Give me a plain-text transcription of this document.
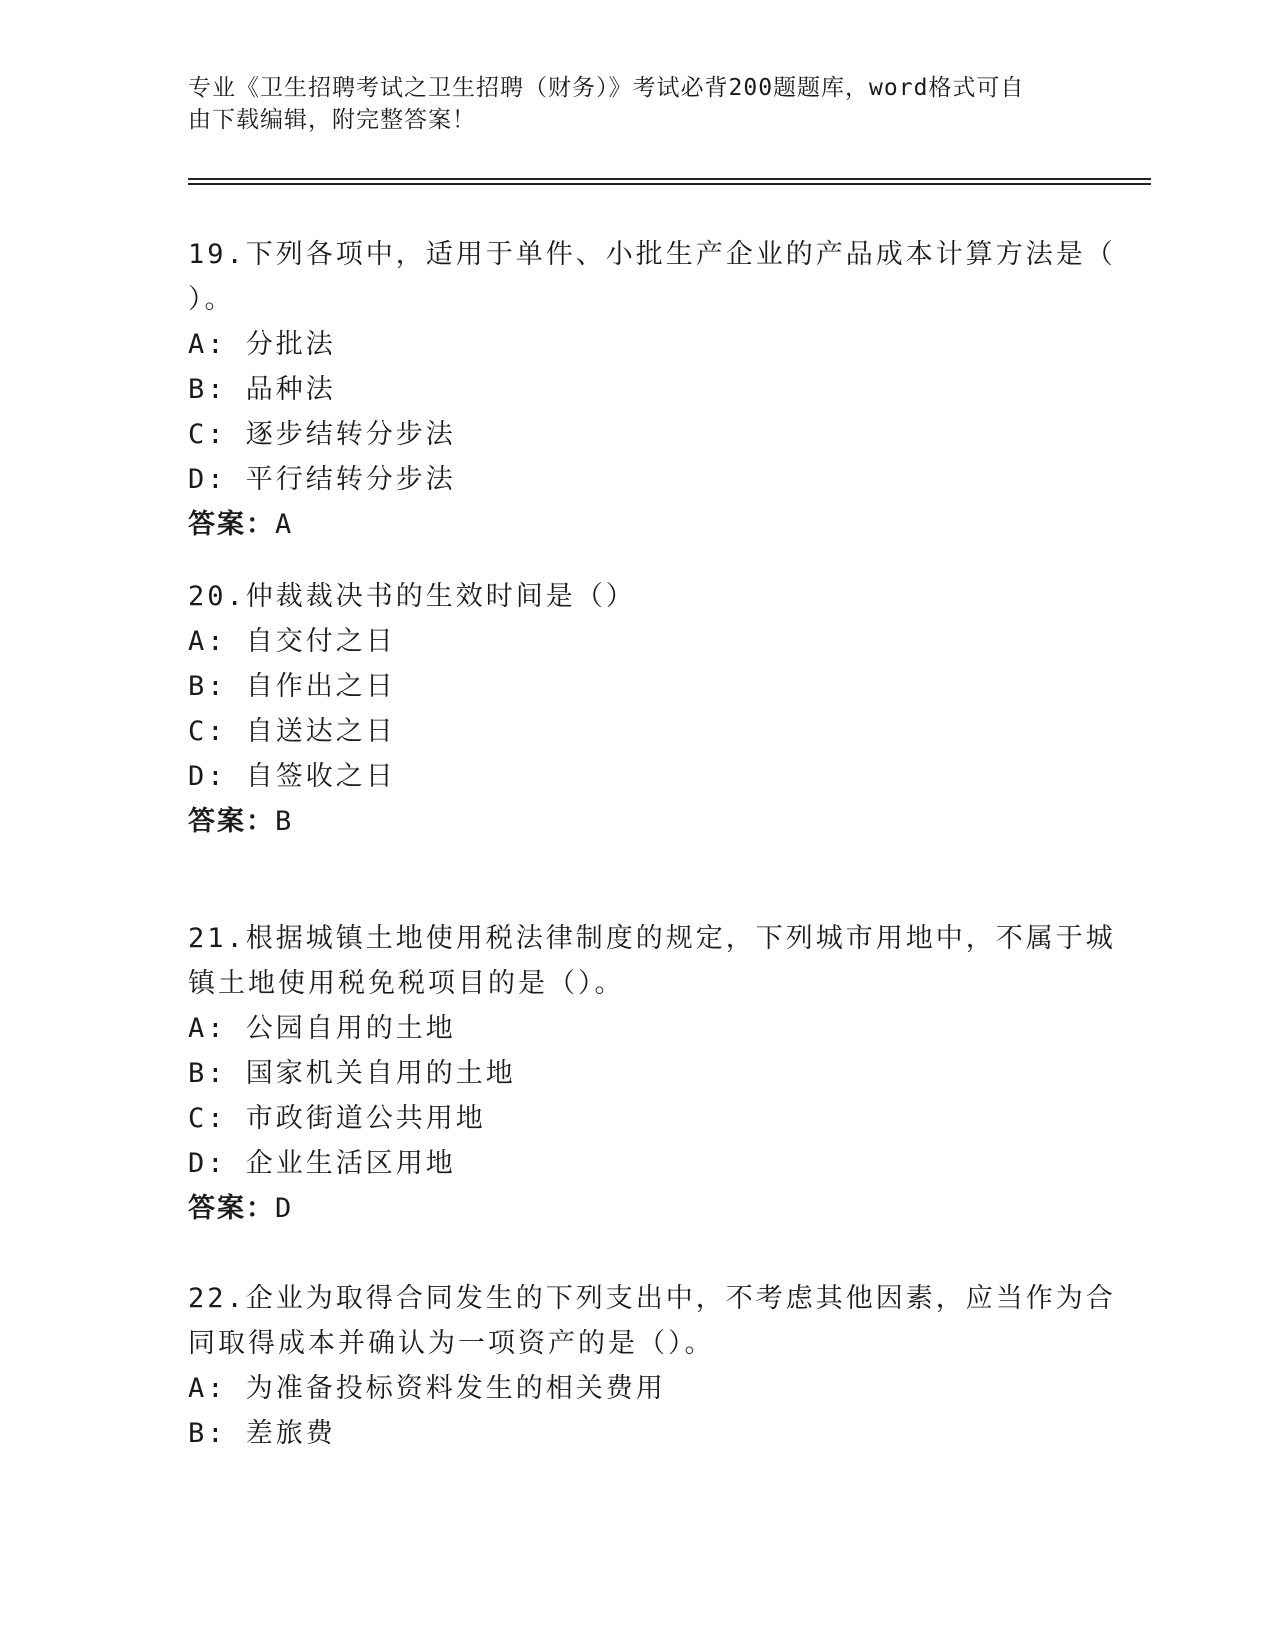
专业《卫生招聘考试之卫生招聘（财务）》考试必背200题题库，word格式可自
由下载编辑，附完整答案！
19.下列各项中，适用于单件、小批生产企业的产品成本计算方法是（
）。
A: 分批法
B: 品种法
C: 逐步结转分步法
D: 平行结转分步法
答案：A
20.仲裁裁决书的生效时间是（）
A: 自交付之日
B: 自作出之日
C: 自送达之日
D: 自签收之日
答案：B
21.根据城镇土地使用税法律制度的规定，下列城市用地中，不属于城
镇土地使用税免税项目的是（）。
A: 公园自用的土地
B: 国家机关自用的土地
C: 市政街道公共用地
D: 企业生活区用地
答案：D
22.企业为取得合同发生的下列支出中，不考虑其他因素，应当作为合
同取得成本并确认为一项资产的是（）。
A: 为准备投标资料发生的相关费用
B: 差旅费
